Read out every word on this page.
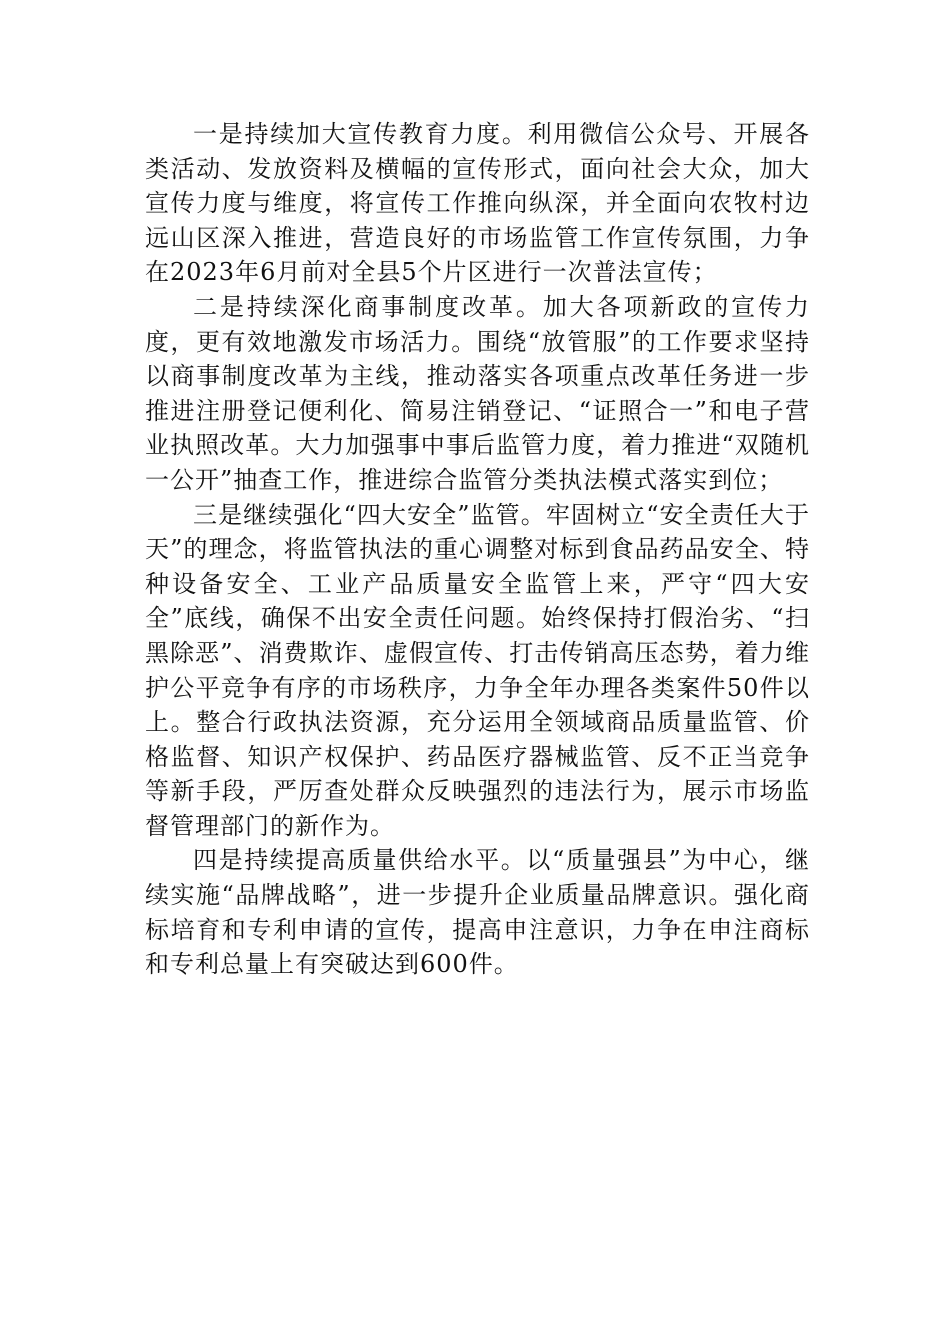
一是持续加大宣传教育力度。利用微信公众号、开展各类活动、发放资料及横幅的宣传形式，面向社会大众，加大宣传力度与维度，将宣传工作推向纵深，并全面向农牧村边远山区深入推进，营造良好的市场监管工作宣传氛围，力争在2023年6月前对全县5个片区进行一次普法宣传；

二是持续深化商事制度改革。加大各项新政的宣传力度，更有效地激发市场活力。围绕“放管服”的工作要求坚持以商事制度改革为主线，推动落实各项重点改革任务进一步推进注册登记便利化、简易注销登记、“证照合一”和电子营业执照改革。大力加强事中事后监管力度，着力推进“双随机一公开”抽查工作，推进综合监管分类执法模式落实到位；

三是继续强化“四大安全”监管。牢固树立“安全责任大于天”的理念，将监管执法的重心调整对标到食品药品安全、特种设备安全、工业产品质量安全监管上来，严守“四大安全”底线，确保不出安全责任问题。始终保持打假治劣、“扫黑除恶”、消费欺诈、虚假宣传、打击传销高压态势，着力维护公平竞争有序的市场秩序，力争全年办理各类案件50件以上。整合行政执法资源，充分运用全领域商品质量监管、价格监督、知识产权保护、药品医疗器械监管、反不正当竞争等新手段，严厉查处群众反映强烈的违法行为，展示市场监督管理部门的新作为。

四是持续提高质量供给水平。以“质量强县”为中心，继续实施“品牌战略”，进一步提升企业质量品牌意识。强化商标培育和专利申请的宣传，提高申注意识，力争在申注商标和专利总量上有突破达到600件。
